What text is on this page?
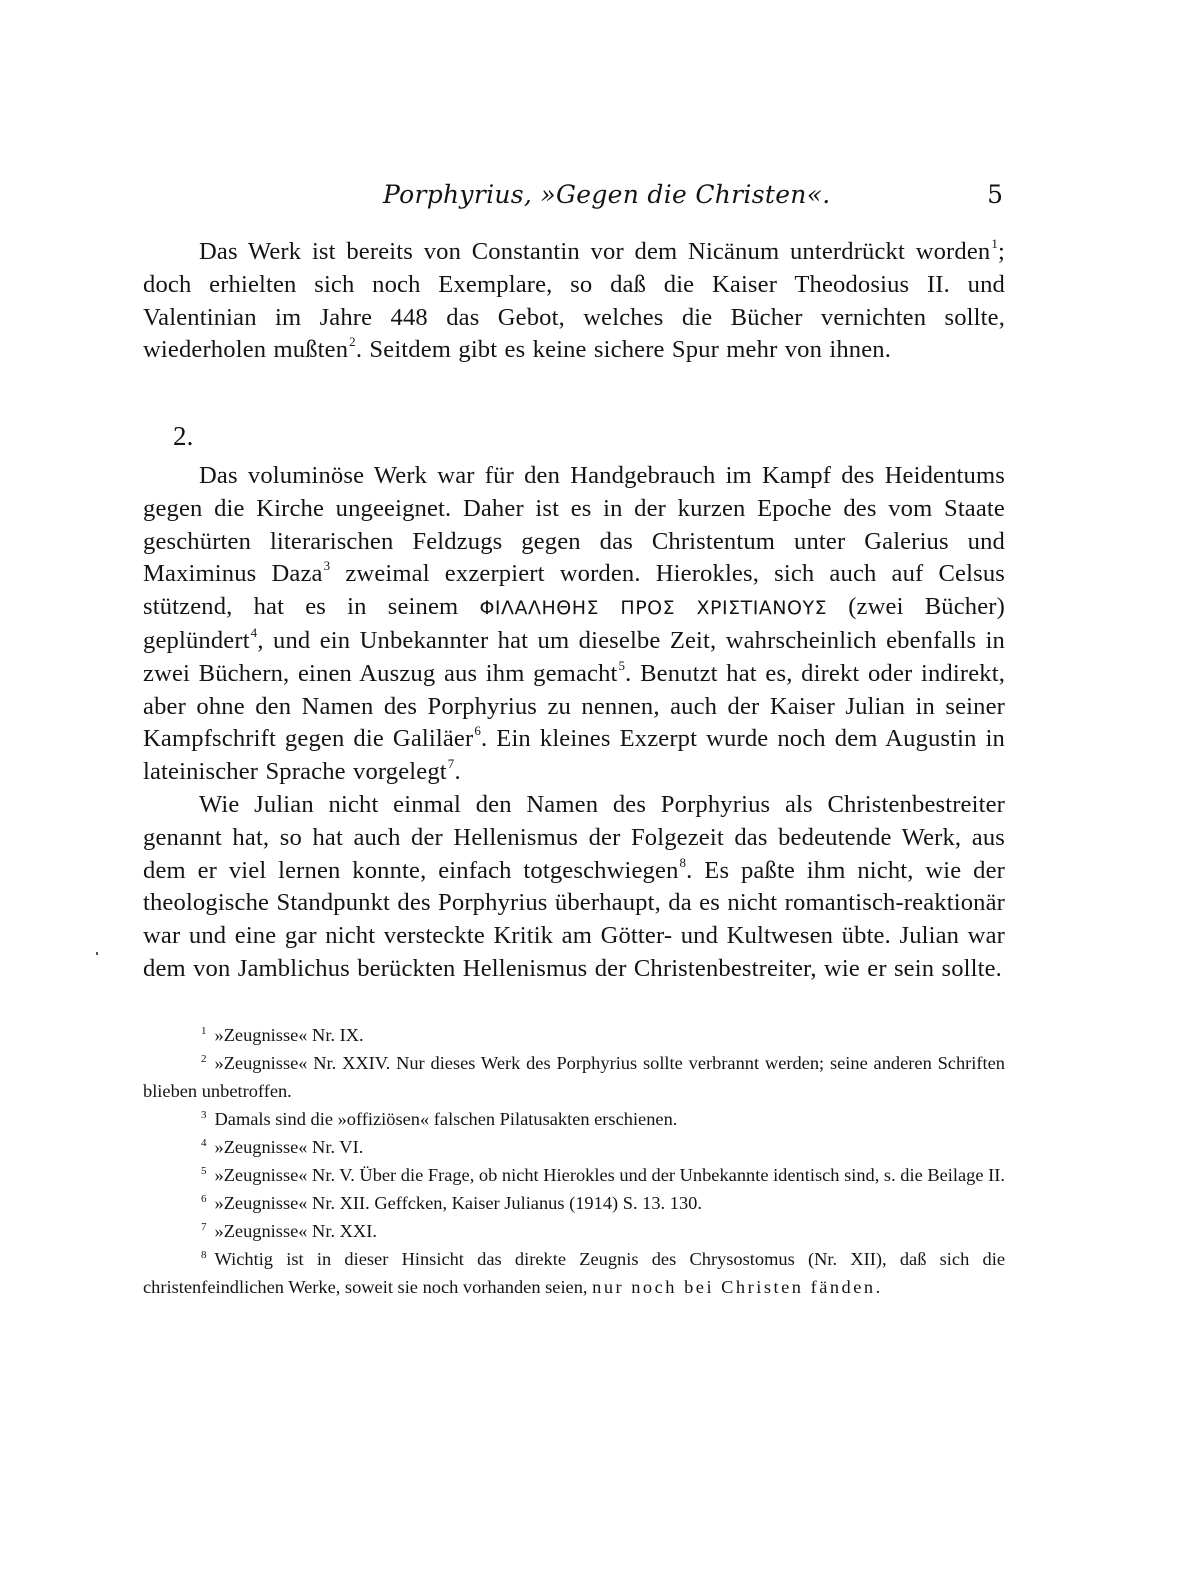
Porphyrius, »Gegen die Christen«.	5

Das Werk ist bereits von Constantin vor dem Nicänum unterdrückt worden$^1$; doch erhielten sich noch Exemplare, so daß die Kaiser Theodosius II. und Valentinian im Jahre 448 das Gebot, welches die Bücher vernichten sollte, wiederholen mußten$^2$. Seitdem gibt es keine sichere Spur mehr von ihnen.

2.

Das voluminöse Werk war für den Handgebrauch im Kampf des Heidentums gegen die Kirche ungeeignet. Daher ist es in der kurzen Epoche des vom Staate geschürten literarischen Feldzugs gegen das Christentum unter Galerius und Maximinus Daza$^3$ zweimal exzerpiert worden. Hierokles, sich auch auf Celsus stützend, hat es in seinem ΦΙΛΑΛΗΘΗΣ ΠΡΟΣ ΧΡΙΣΤΙΑΝΟΥΣ (zwei Bücher) geplündert$^4$, und ein Unbekannter hat um dieselbe Zeit, wahrscheinlich ebenfalls in zwei Büchern, einen Auszug aus ihm gemacht$^5$. Benutzt hat es, direkt oder indirekt, aber ohne den Namen des Porphyrius zu nennen, auch der Kaiser Julian in seiner Kampfschrift gegen die Galiläer$^6$. Ein kleines Exzerpt wurde noch dem Augustin in lateinischer Sprache vorgelegt$^7$.

Wie Julian nicht einmal den Namen des Porphyrius als Christenbestreiter genannt hat, so hat auch der Hellenismus der Folgezeit das bedeutende Werk, aus dem er viel lernen konnte, einfach totgeschwiegen$^8$. Es paßte ihm nicht, wie der theologische Standpunkt des Porphyrius überhaupt, da es nicht romantisch-reaktionär war und eine gar nicht versteckte Kritik am Götter- und Kultwesen übte. Julian war dem von Jamblichus berückten Hellenismus der Christenbestreiter, wie er sein sollte.

$^1$ »Zeugnisse« Nr. IX.

$^2$ »Zeugnisse« Nr. XXIV. Nur dieses Werk des Porphyrius sollte verbrannt werden; seine anderen Schriften blieben unbetroffen.

$^3$ Damals sind die »offiziösen« falschen Pilatusakten erschienen.

$^4$ »Zeugnisse« Nr. VI.

$^5$ »Zeugnisse« Nr. V. Über die Frage, ob nicht Hierokles und der Unbekannte identisch sind, s. die Beilage II.

$^6$ »Zeugnisse« Nr. XII. Geffcken, Kaiser Julianus (1914) S. 13. 130.

$^7$ »Zeugnisse« Nr. XXI.

$^8$ Wichtig ist in dieser Hinsicht das direkte Zeugnis des Chrysostomus (Nr. XII), daß sich die christenfeindlichen Werke, soweit sie noch vorhanden seien, nur noch bei Christen fänden.
